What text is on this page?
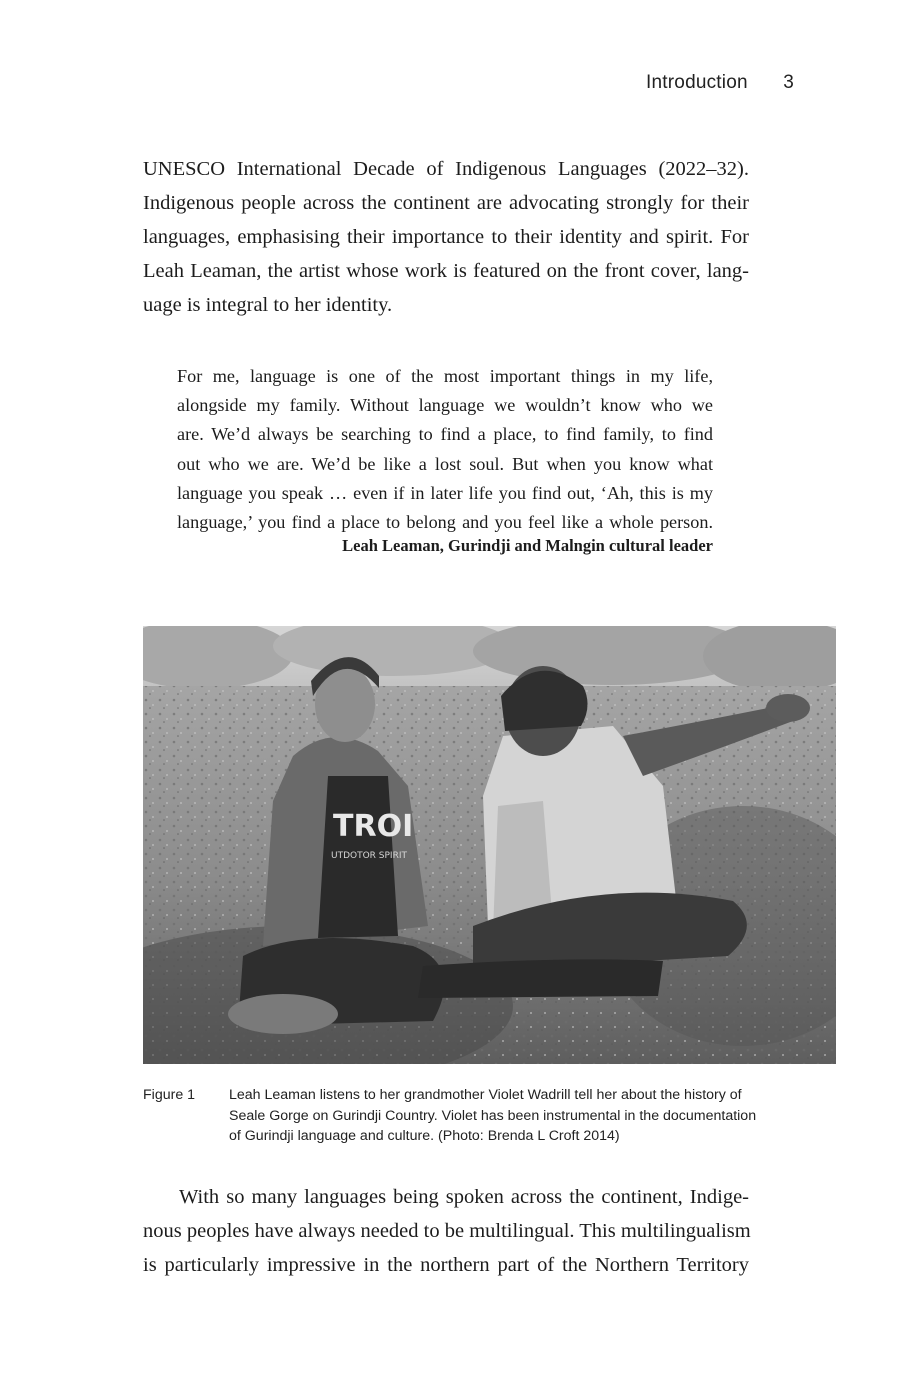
Introduction 3
UNESCO International Decade of Indigenous Languages (2022–32).
Indigenous people across the continent are advocating strongly for their
languages, emphasising their importance to their identity and spirit. For
Leah Leaman, the artist whose work is featured on the front cover, lang-
uage is integral to her identity.
For me, language is one of the most important things in my life,
alongside my family. Without language we wouldn’t know who we
are. We’d always be searching to find a place, to find family, to find
out who we are. We’d be like a lost soul. But when you know what
language you speak … even if in later life you find out, ‘Ah, this is my
language,’ you find a place to belong and you feel like a whole person.
Leah Leaman, Gurindji and Malngin cultural leader
TROI
UTDOTOR SPIRIT
Figure 1 Leah Leaman listens to her grandmother Violet Wadrill tell her about the history of
Seale Gorge on Gurindji Country. Violet has been instrumental in the documentation
of Gurindji language and culture. (Photo: Brenda L Croft 2014)
With so many languages being spoken across the continent, Indige-
nous peoples have always needed to be multilingual. This multilingualism
is particularly impressive in the northern part of the Northern Territory
